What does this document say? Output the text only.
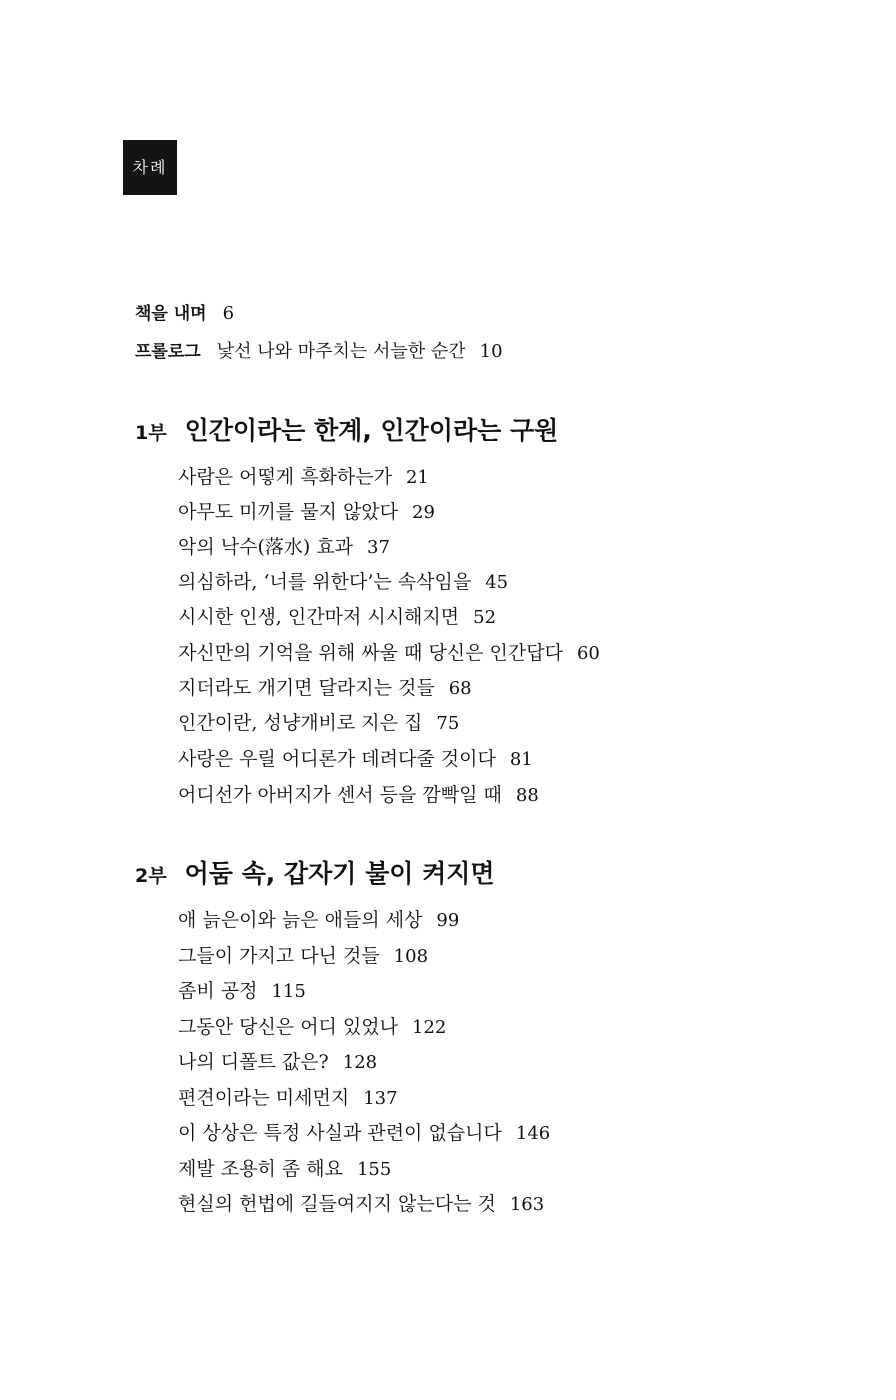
차례
책을 내며 6
프롤로그 낯선 나와 마주치는 서늘한 순간 10
1부 인간이라는 한계, 인간이라는 구원
사람은 어떻게 흑화하는가 21
아무도 미끼를 물지 않았다 29
악의 낙수(落水) 효과 37
의심하라, ‘너를 위한다’는 속삭임을 45
시시한 인생, 인간마저 시시해지면 52
자신만의 기억을 위해 싸울 때 당신은 인간답다 60
지더라도 개기면 달라지는 것들 68
인간이란, 성냥개비로 지은 집 75
사랑은 우릴 어디론가 데려다줄 것이다 81
어디선가 아버지가 센서 등을 깜빡일 때 88
2부 어둠 속, 갑자기 불이 켜지면
애 늙은이와 늙은 애들의 세상 99
그들이 가지고 다닌 것들 108
좀비 공정 115
그동안 당신은 어디 있었나 122
나의 디폴트 값은? 128
편견이라는 미세먼지 137
이 상상은 특정 사실과 관련이 없습니다 146
제발 조용히 좀 해요 155
현실의 헌법에 길들여지지 않는다는 것 163
